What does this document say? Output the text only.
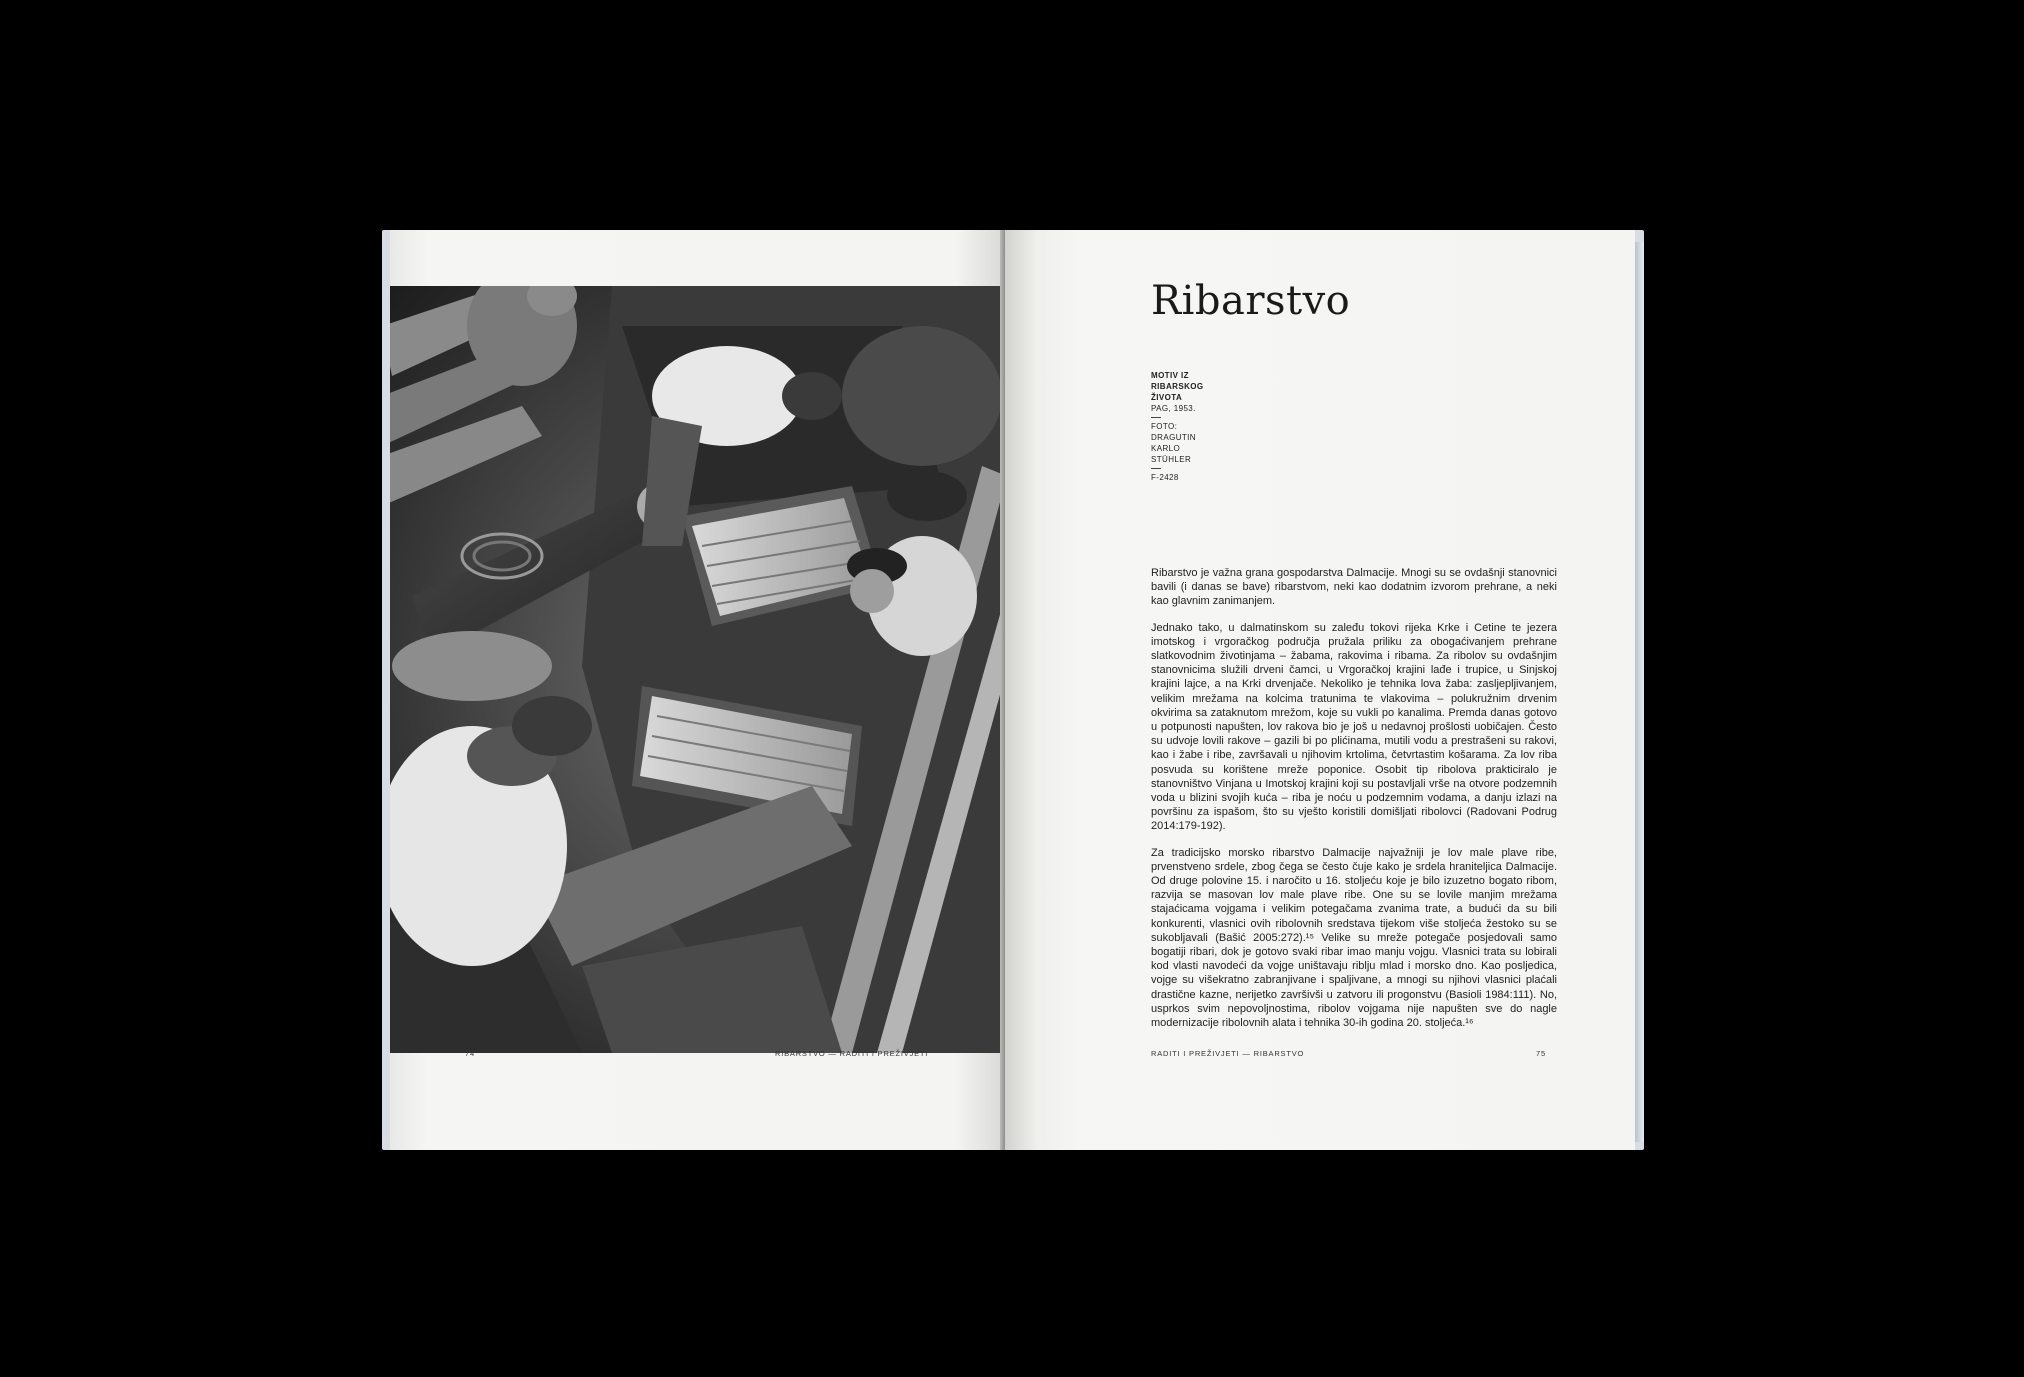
74	RIBARSTVO — RADITI I PREŽIVJETI
Ribarstvo
MOTIV IZ
RIBARSKOG
ŽIVOTA
PAG, 1953.
FOTO:
DRAGUTIN
KARLO
STÜHLER
F-2428

Ribarstvo je važna grana gospodarstva Dalmacije. Mnogi su se ovdašnji stanovnici bavili (i danas se bave) ribarstvom, neki kao dodatnim izvorom prehrane, a neki kao glavnim zanimanjem.

Jednako tako, u dalmatinskom su zaleđu tokovi rijeka Krke i Cetine te jezera imotskog i vrgoračkog područja pružala priliku za obogaćivanjem prehrane slatkovodnim životinjama – žabama, rakovima i ribama. Za ribolov su ovdašnjim stanovnicima služili drveni čamci, u Vrgoračkoj krajini lađe i trupice, u Sinjskoj krajini lajce, a na Krki drvenjače. Nekoliko je tehnika lova žaba: zasljepljivanjem, velikim mrežama na kolcima tratunima te vlakovima – polukružnim drvenim okvirima sa zataknutom mrežom, koje su vukli po kanalima. Premda danas gotovo u potpunosti napušten, lov rakova bio je još u nedavnoj prošlosti uobičajen. Često su udvoje lovili rakove – gazili bi po plićinama, mutili vodu a prestrašeni su rakovi, kao i žabe i ribe, završavali u njihovim krtolima, četvrtastim košarama. Za lov riba posvuda su korištene mreže poponice. Osobit tip ribolova prakticiralo je stanovništvo Vinjana u Imotskoj krajini koji su postavljali vrše na otvore podzemnih voda u blizini svojih kuća – riba je noću u podzemnim vodama, a danju izlazi na površinu za ispašom, što su vješto koristili domišljati ribolovci (Radovani Podrug 2014:179-192).

Za tradicijsko morsko ribarstvo Dalmacije najvažniji je lov male plave ribe, prvenstveno srdele, zbog čega se često čuje kako je srdela hraniteljica Dalmacije. Od druge polovine 15. i naročito u 16. stoljeću koje je bilo izuzetno bogato ribom, razvija se masovan lov male plave ribe. One su se lovile manjim mrežama stajaćicama vojgama i velikim potegačama zvanima trate, a budući da su bili konkurenti, vlasnici ovih ribolovnih sredstava tijekom više stoljeća žestoko su se sukobljavali (Bašić 2005:272).¹⁵ Velike su mreže potegače posjedovali samo bogatiji ribari, dok je gotovo svaki ribar imao manju vojgu. Vlasnici trata su lobirali kod vlasti navodeći da vojge uništavaju riblju mlad i morsko dno. Kao posljedica, vojge su višekratno zabranjivane i spaljivane, a mnogi su njihovi vlasnici plaćali drastične kazne, nerijetko završivši u zatvoru ili progonstvu (Basioli 1984:111). No, usprkos svim nepovoljnostima, ribolov vojgama nije napušten sve do nagle modernizacije ribolovnih alata i tehnika 30-ih godina 20. stoljeća.¹⁶

RADITI I PREŽIVJETI — RIBARSTVO	75
